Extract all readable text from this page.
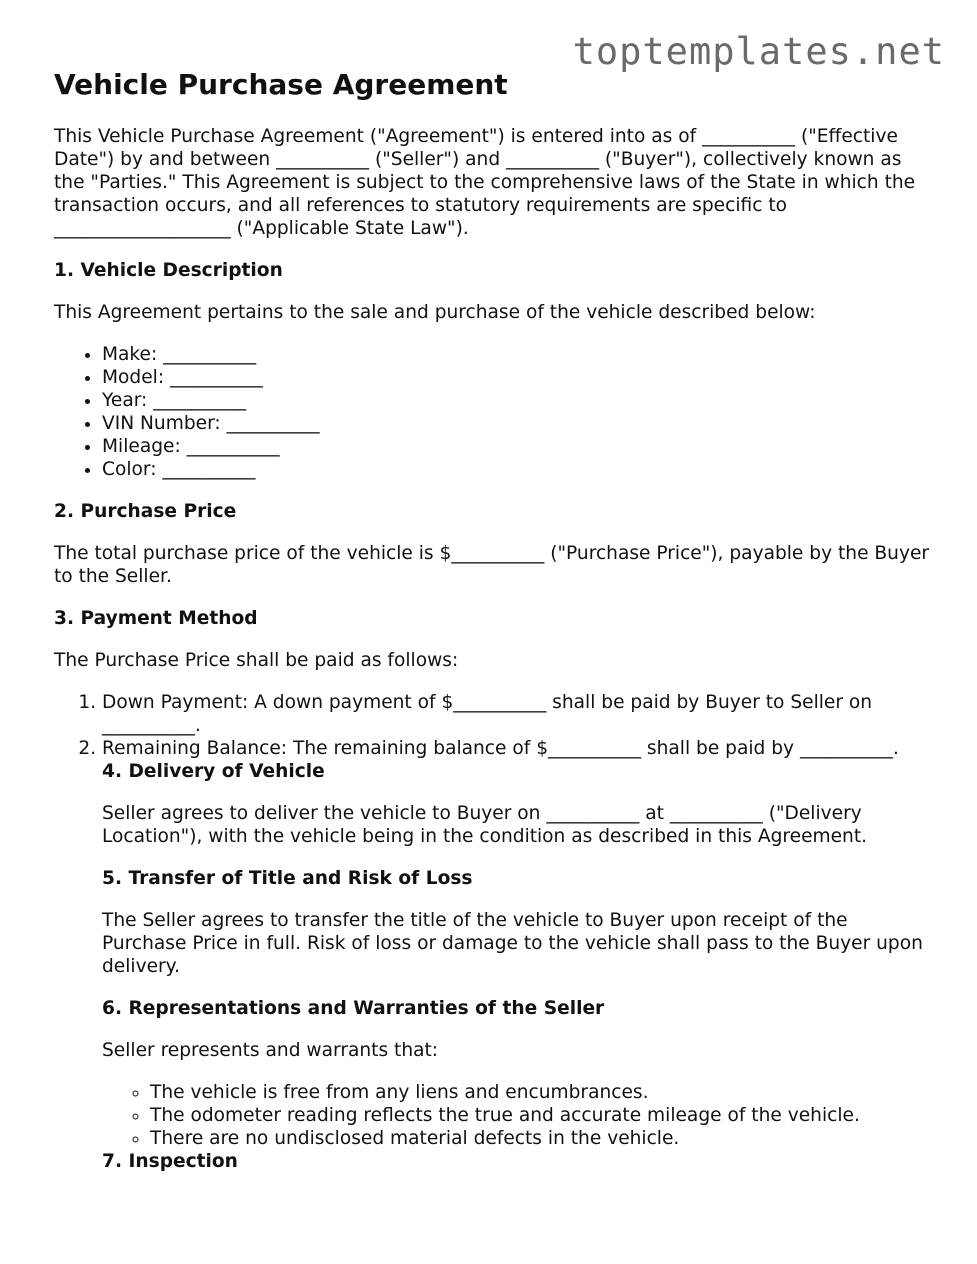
toptemplates.net
Vehicle Purchase Agreement

This Vehicle Purchase Agreement ("Agreement") is entered into as of __________ ("Effective Date") by and between __________ ("Seller") and __________ ("Buyer"), collectively known as the "Parties." This Agreement is subject to the comprehensive laws of the State in which the transaction occurs, and all references to statutory requirements are specific to ___________________ ("Applicable State Law").

1. Vehicle Description

This Agreement pertains to the sale and purchase of the vehicle described below:

• Make: __________
• Model: __________
• Year: __________
• VIN Number: __________
• Mileage: __________
• Color: __________

2. Purchase Price

The total purchase price of the vehicle is $__________ ("Purchase Price"), payable by the Buyer to the Seller.

3. Payment Method

The Purchase Price shall be paid as follows:

1. Down Payment: A down payment of $__________ shall be paid by Buyer to Seller on __________.
2. Remaining Balance: The remaining balance of $__________ shall be paid by __________.

4. Delivery of Vehicle

Seller agrees to deliver the vehicle to Buyer on __________ at __________ ("Delivery Location"), with the vehicle being in the condition as described in this Agreement.

5. Transfer of Title and Risk of Loss

The Seller agrees to transfer the title of the vehicle to Buyer upon receipt of the Purchase Price in full. Risk of loss or damage to the vehicle shall pass to the Buyer upon delivery.

6. Representations and Warranties of the Seller

Seller represents and warrants that:

◦ The vehicle is free from any liens and encumbrances.
◦ The odometer reading reflects the true and accurate mileage of the vehicle.
◦ There are no undisclosed material defects in the vehicle.

7. Inspection
